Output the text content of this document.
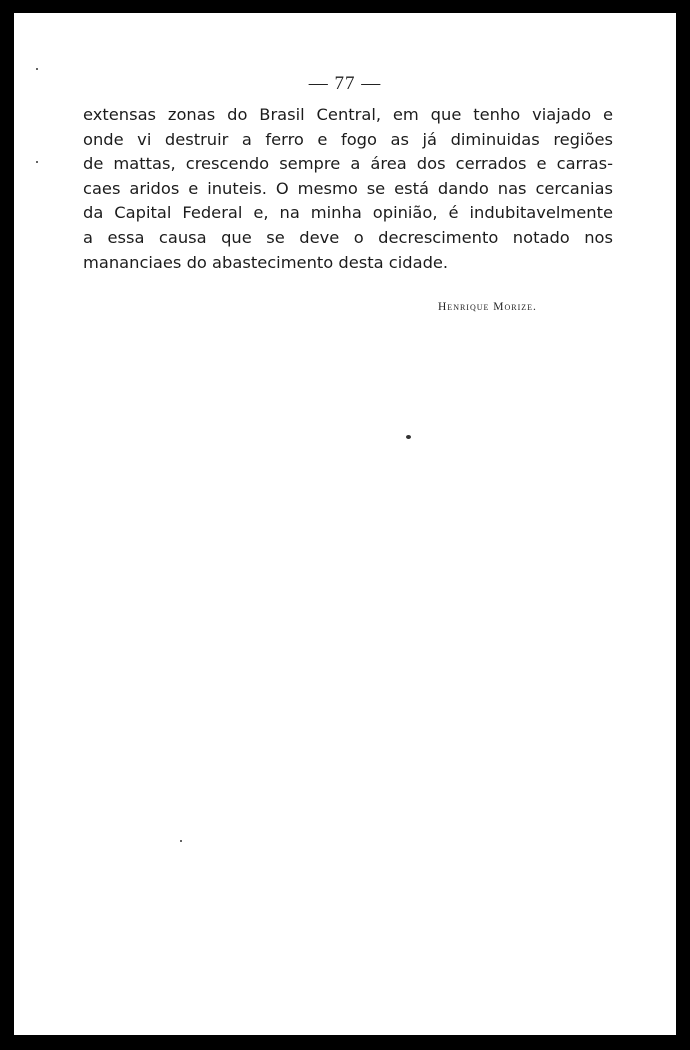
— 77 —
extensas zonas do Brasil Central, em que tenho viajado e
onde vi destruir a ferro e fogo as já diminuidas regiões
de mattas, crescendo sempre a área dos cerrados e carras-
caes aridos e inuteis. O mesmo se está dando nas cercanias
da Capital Federal e, na minha opinião, é indubitavelmente
a essa causa que se deve o decrescimento notado nos
mananciaes do abastecimento desta cidade.
Henrique Morize.
